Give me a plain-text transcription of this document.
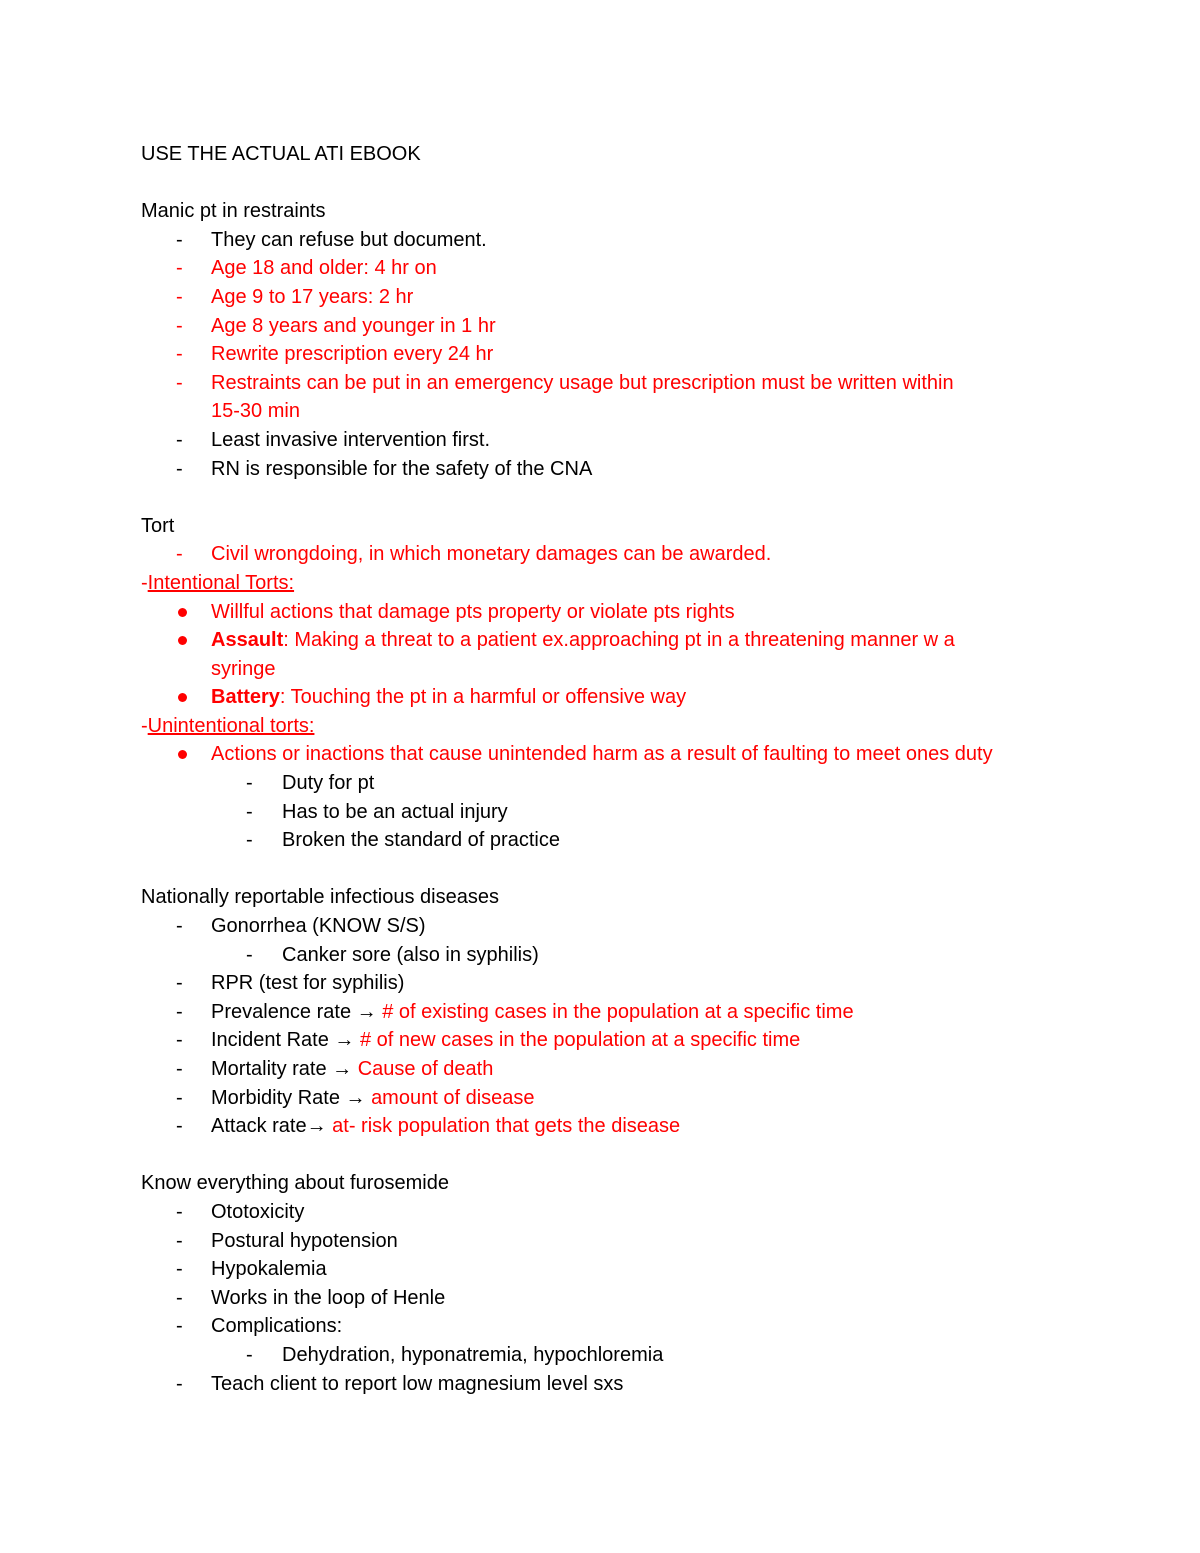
USE THE ACTUAL ATI EBOOK
Manic pt in restraints
- They can refuse but document.
- Age 18 and older: 4 hr on
- Age 9 to 17 years: 2 hr
- Age 8 years and younger in 1 hr
- Rewrite prescription every 24 hr
- Restraints can be put in an emergency usage but prescription must be written within
15-30 min
- Least invasive intervention first.
- RN is responsible for the safety of the CNA
Tort
- Civil wrongdoing, in which monetary damages can be awarded.
-Intentional Torts:
Willful actions that damage pts property or violate pts rights
Assault: Making a threat to a patient ex.approaching pt in a threatening manner w a
syringe
Battery: Touching the pt in a harmful or offensive way
-Unintentional torts:
Actions or inactions that cause unintended harm as a result of faulting to meet ones duty
- Duty for pt
- Has to be an actual injury
- Broken the standard of practice
Nationally reportable infectious diseases
- Gonorrhea (KNOW S/S)
- Canker sore (also in syphilis)
- RPR (test for syphilis)
- Prevalence rate → # of existing cases in the population at a specific time
- Incident Rate → # of new cases in the population at a specific time
- Mortality rate → Cause of death
- Morbidity Rate → amount of disease
- Attack rate→ at- risk population that gets the disease
Know everything about furosemide
- Ototoxicity
- Postural hypotension
- Hypokalemia
- Works in the loop of Henle
- Complications:
- Dehydration, hyponatremia, hypochloremia
- Teach client to report low magnesium level sxs
